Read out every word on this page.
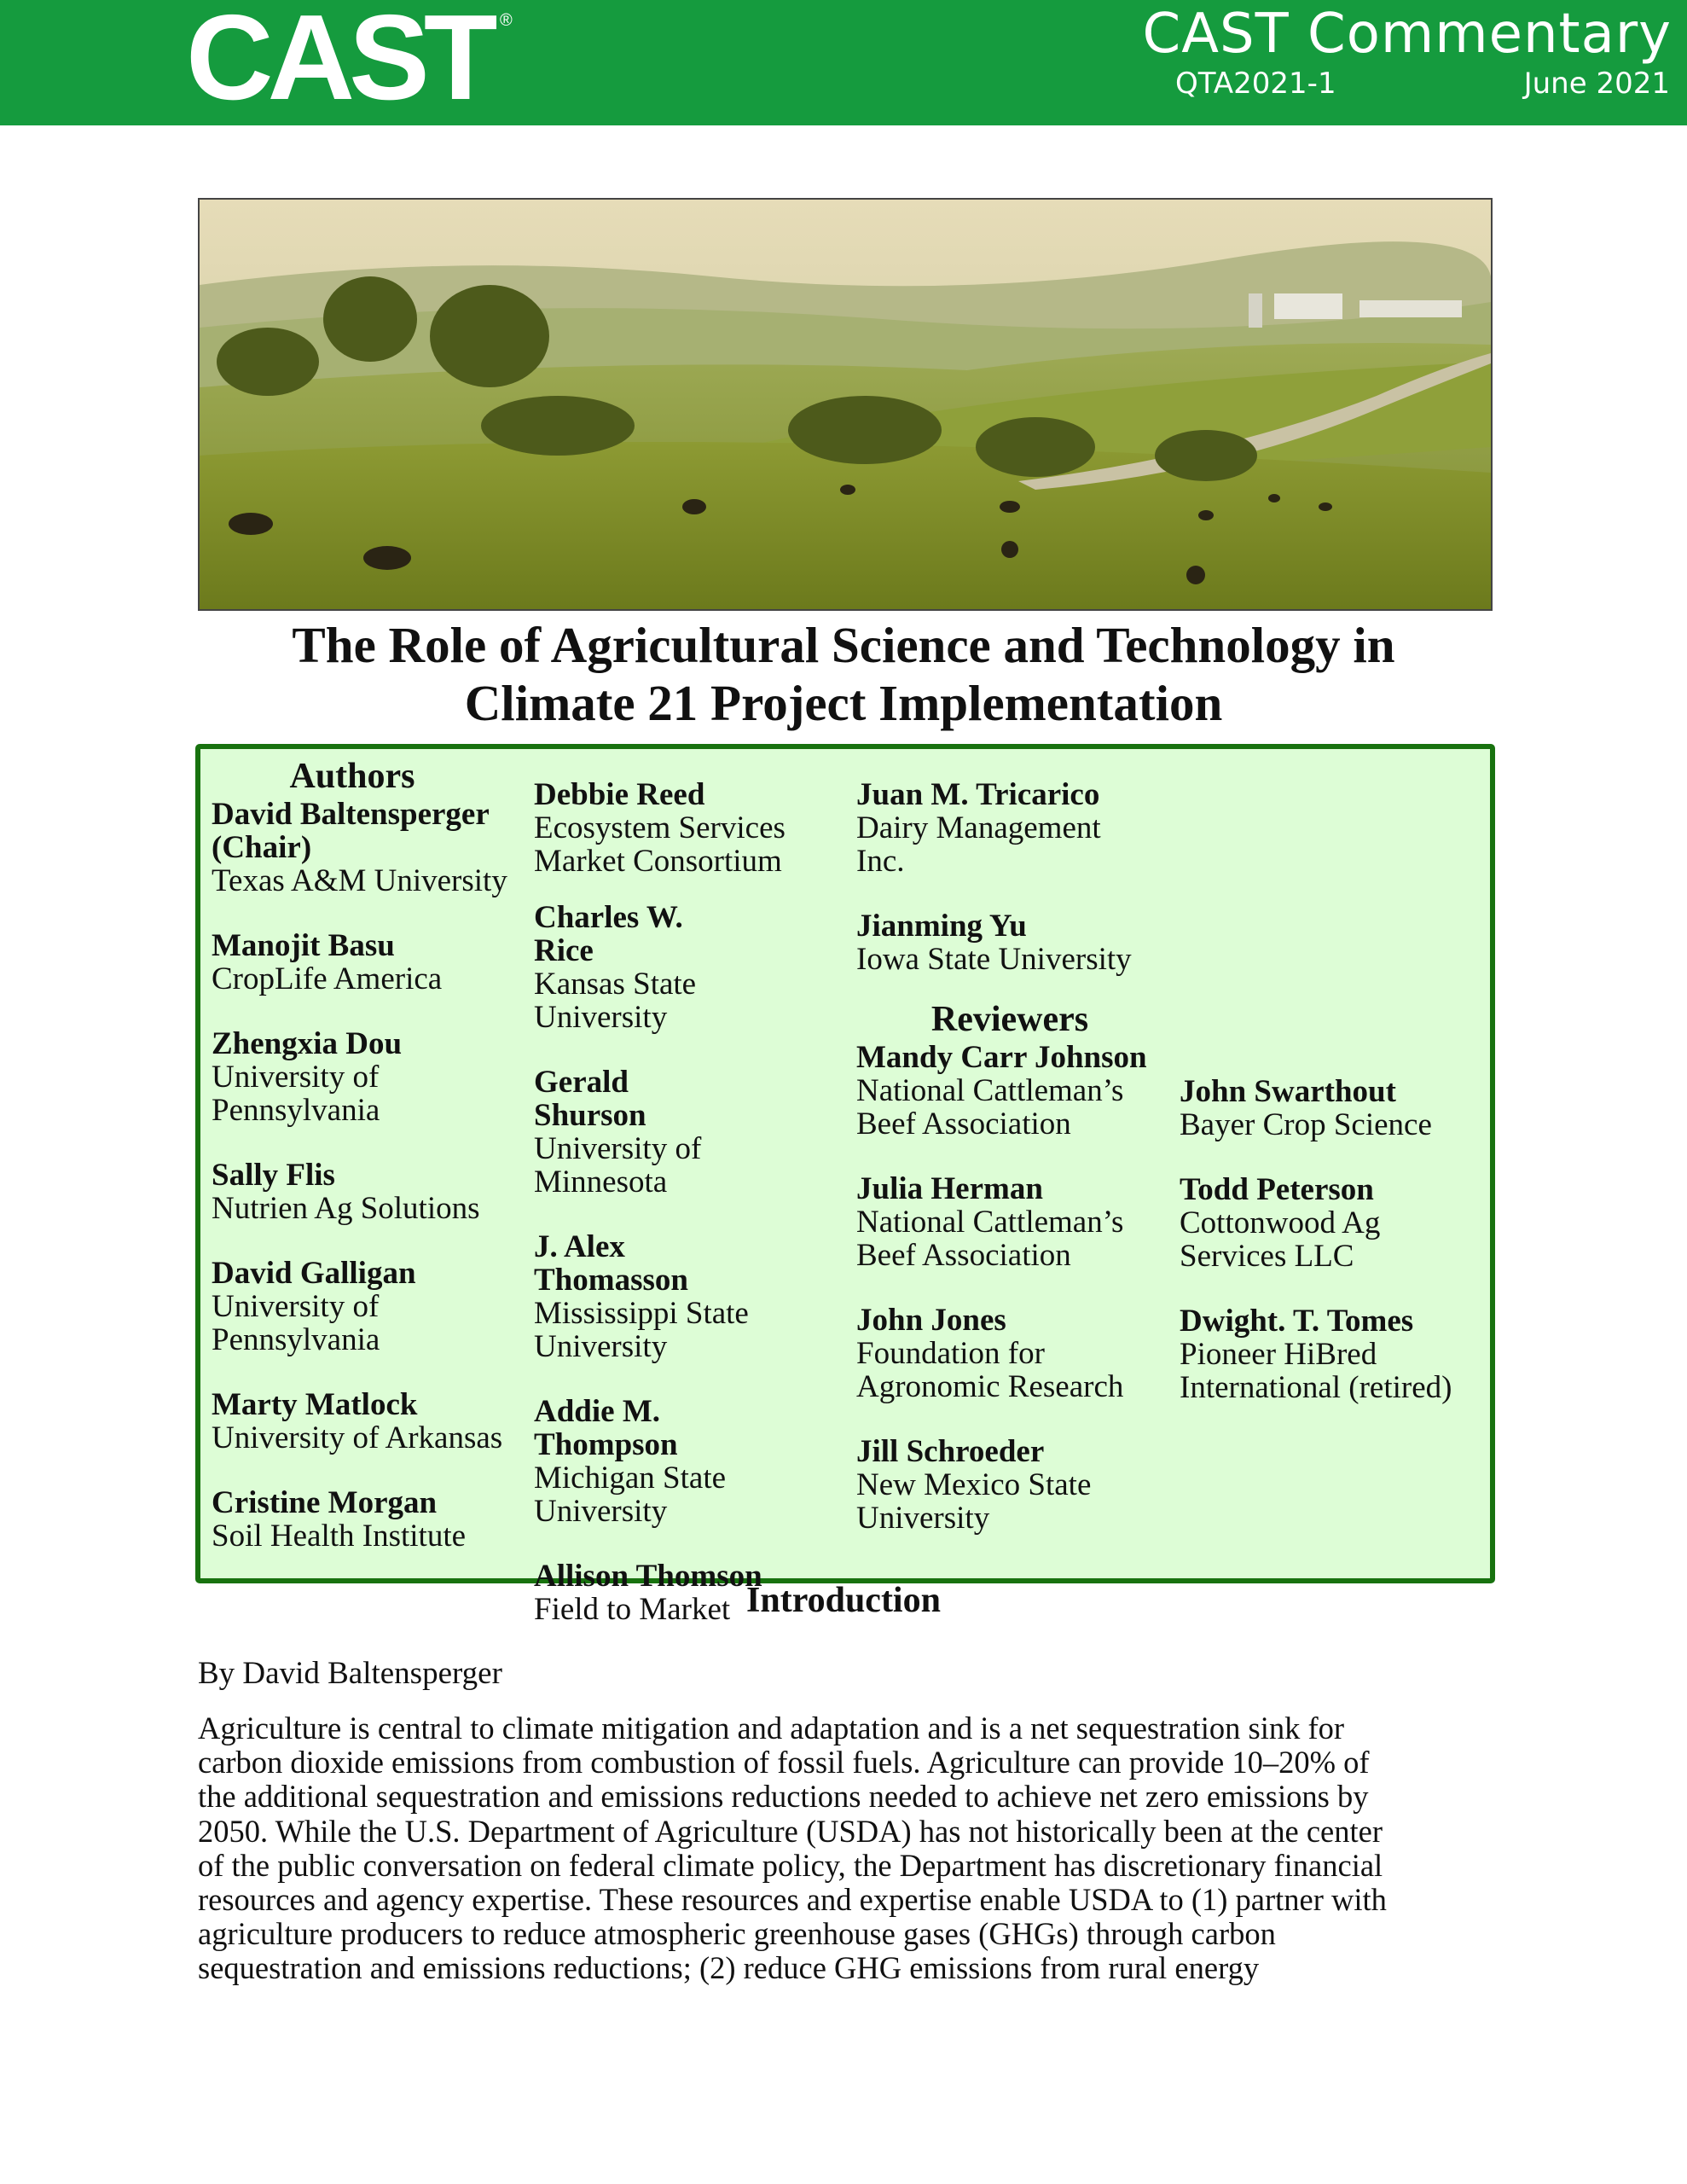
CAST ®	CAST Commentary
QTA2021-1	June 2021
The Role of Agricultural Science and Technology in
Climate 21 Project Implementation
Authors
David Baltensperger (Chair)
Texas A&M University
Manojit Basu
CropLife America
Zhengxia Dou
University of Pennsylvania
Sally Flis
Nutrien Ag Solutions
David Galligan
University of Pennsylvania
Marty Matlock
University of Arkansas
Cristine Morgan
Soil Health Institute
Debbie Reed
Ecosystem Services Market Consortium
Charles W. Rice
Kansas State University
Gerald Shurson
University of Minnesota
J. Alex Thomasson
Mississippi State University
Addie M. Thompson
Michigan State University
Allison Thomson
Field to Market
Juan M. Tricarico
Dairy Management Inc.
Jianming Yu
Iowa State University
Reviewers
Mandy Carr Johnson
National Cattleman’s Beef Association
Julia Herman
National Cattleman’s Beef Association
John Jones
Foundation for Agronomic Research
Jill Schroeder
New Mexico State University
John Swarthout
Bayer Crop Science
Todd Peterson
Cottonwood Ag Services LLC
Dwight. T. Tomes
Pioneer HiBred International (retired)
Introduction
By David Baltensperger
Agriculture is central to climate mitigation and adaptation and is a net sequestration sink for
carbon dioxide emissions from combustion of fossil fuels. Agriculture can provide 10–20% of
the additional sequestration and emissions reductions needed to achieve net zero emissions by
2050. While the U.S. Department of Agriculture (USDA) has not historically been at the center
of the public conversation on federal climate policy, the Department has discretionary financial
resources and agency expertise. These resources and expertise enable USDA to (1) partner with
agriculture producers to reduce atmospheric greenhouse gases (GHGs) through carbon
sequestration and emissions reductions; (2) reduce GHG emissions from rural energy
